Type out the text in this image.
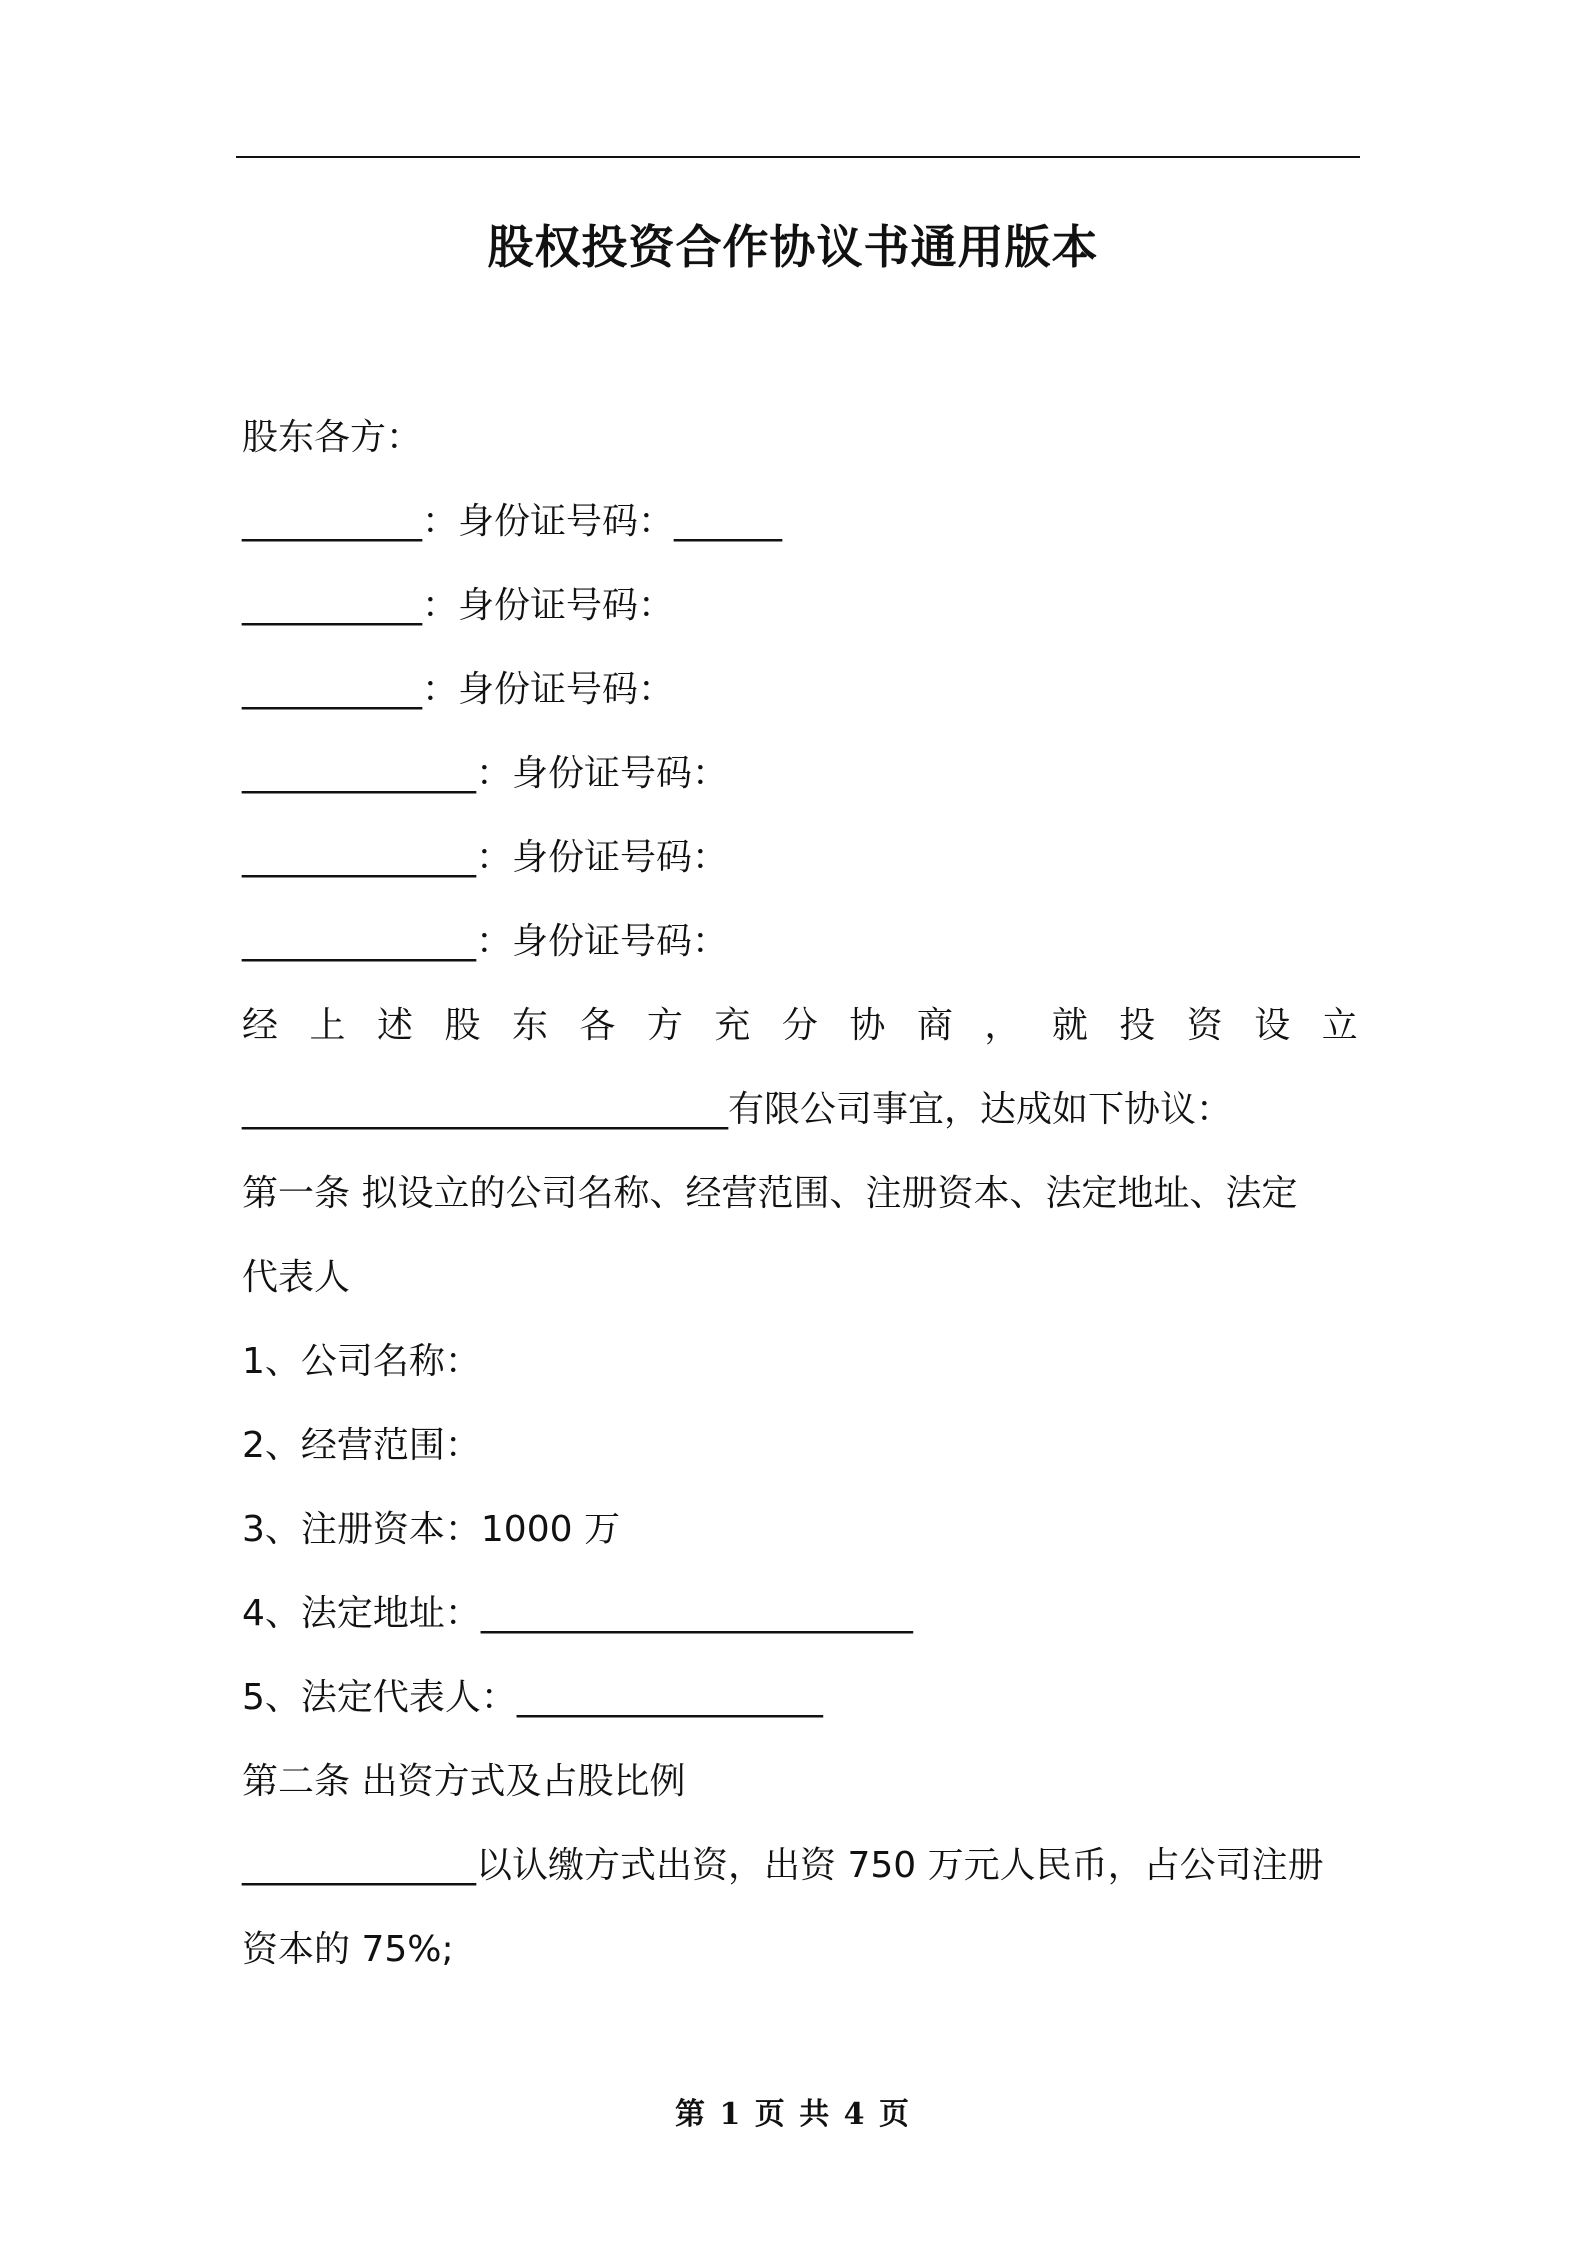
股权投资合作协议书通用版本
股东各方：
__________：身份证号码：______
__________：身份证号码：
__________：身份证号码：
_____________：身份证号码：
_____________：身份证号码：
_____________：身份证号码：
经 上 述 股 东 各 方 充 分 协 商 ， 就 投 资 设 立
___________________________有限公司事宜，达成如下协议：
第一条 拟设立的公司名称、经营范围、注册资本、法定地址、法定
代表人
1、公司名称：
2、经营范围：
3、注册资本：1000 万
4、法定地址：________________________
5、法定代表人：_________________
第二条 出资方式及占股比例
_____________以认缴方式出资，出资 750 万元人民币，占公司注册
资本的 75%;
第 1 页 共 4 页
